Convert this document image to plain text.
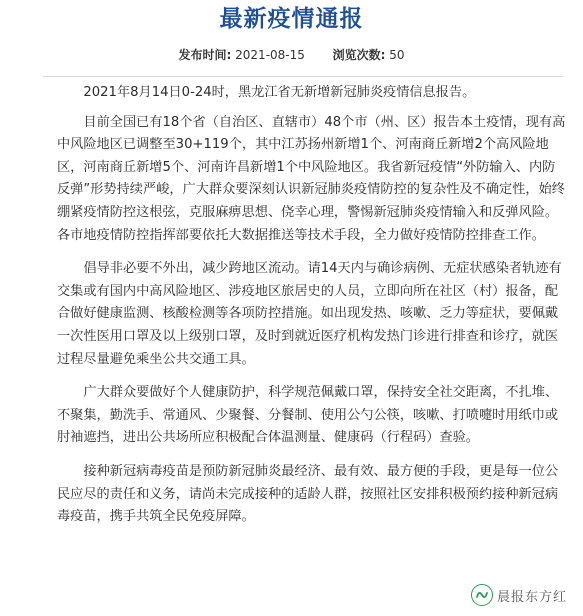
最新疫情通报
发布时间: 2021-08-15 浏览次数: 50

2021年8月14日0-24时，黑龙江省无新增新冠肺炎疫情信息报告。

目前全国已有18个省（自治区、直辖市）48个市（州、区）报告本土疫情，现有高中风险地区已调整至30+119个，其中江苏扬州新增1个、河南商丘新增2个高风险地区，河南商丘新增5个、河南许昌新增1个中风险地区。我省新冠疫情“外防输入、内防反弹”形势持续严峻，广大群众要深刻认识新冠肺炎疫情防控的复杂性及不确定性，始终绷紧疫情防控这根弦，克服麻痹思想、侥幸心理，警惕新冠肺炎疫情输入和反弹风险。各市地疫情防控指挥部要依托大数据推送等技术手段，全力做好疫情防控排查工作。

倡导非必要不外出，减少跨地区流动。请14天内与确诊病例、无症状感染者轨迹有交集或有国内中高风险地区、涉疫地区旅居史的人员，立即向所在社区（村）报备，配合做好健康监测、核酸检测等各项防控措施。如出现发热、咳嗽、乏力等症状，要佩戴一次性医用口罩及以上级别口罩，及时到就近医疗机构发热门诊进行排查和诊疗，就医过程尽量避免乘坐公共交通工具。

广大群众要做好个人健康防护，科学规范佩戴口罩，保持安全社交距离，不扎堆、不聚集，勤洗手、常通风、少聚餐、分餐制、使用公勺公筷，咳嗽、打喷嚏时用纸巾或肘袖遮挡，进出公共场所应积极配合体温测量、健康码（行程码）查验。

接种新冠病毒疫苗是预防新冠肺炎最经济、最有效、最方便的手段，更是每一位公民应尽的责任和义务，请尚未完成接种的适龄人群，按照社区安排积极预约接种新冠病毒疫苗，携手共筑全民免疫屏障。

晨报东方红
